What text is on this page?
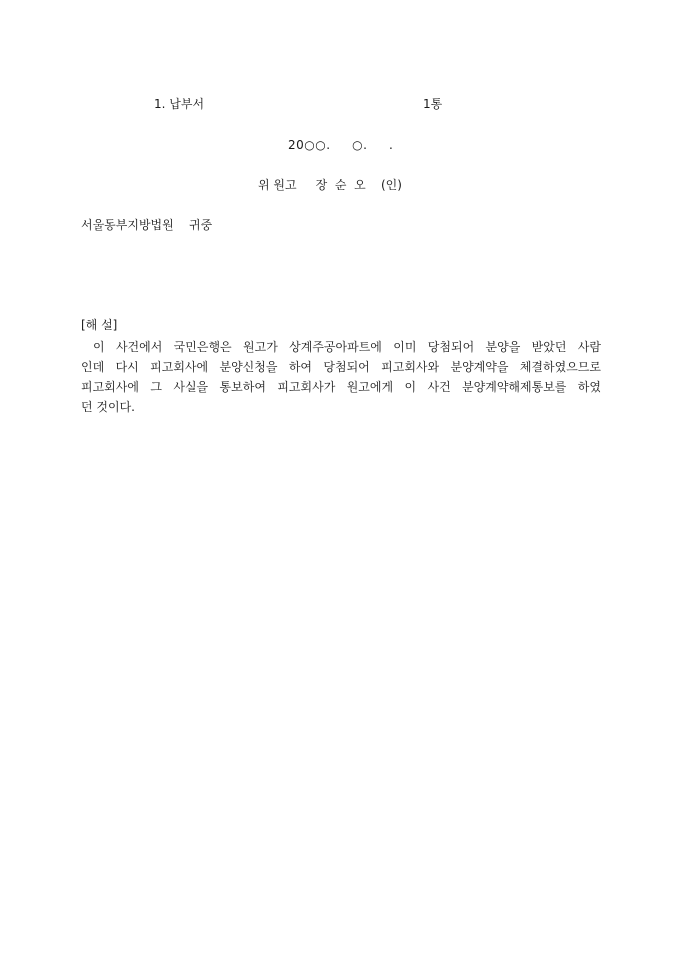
1. 납부서	1통
20○○.     ○.     .
위 원고     장  순  오    (인)
서울동부지방법원    귀중
[해 설]
이 사건에서 국민은행은 원고가 상계주공아파트에 이미 당첨되어 분양을 받았던 사람
인데 다시 피고회사에 분양신청을 하여 당첨되어 피고회사와 분양계약을 체결하였으므로
피고회사에 그 사실을 통보하여 피고회사가 원고에게 이 사건 분양계약해제통보를 하였
던 것이다.
